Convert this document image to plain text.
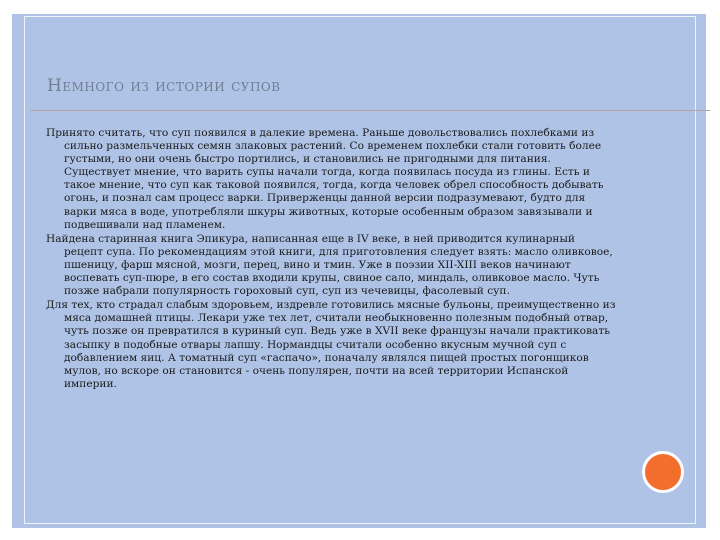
Немного из истории супов

Принято считать, что суп появился в далекие времена. Раньше довольствовались похлебками из сильно размельченных семян злаковых растений. Со временем похлебки стали готовить более густыми, но они очень быстро портились, и становились не пригодными для питания. Существует мнение, что варить супы начали тогда, когда появилась посуда из глины. Есть и такое мнение, что суп как таковой появился, тогда, когда человек обрел способность добывать огонь, и познал сам процесс варки. Приверженцы данной версии подразумевают, будто для варки мяса в воде, употребляли шкуры животных, которые особенным образом завязывали и подвешивали над пламенем.

Найдена старинная книга Эпикура, написанная еще в IV веке, в ней приводится кулинарный рецепт супа. По рекомендациям этой книги, для приготовления следует взять: масло оливковое, пшеницу, фарш мясной, мозги, перец, вино и тмин. Уже в поэзии XII-XIII веков начинают воспевать суп-пюре, в его состав входили крупы, свиное сало, миндаль, оливковое масло. Чуть позже набрали популярность гороховый суп, суп из чечевицы, фасолевый суп.

Для тех, кто страдал слабым здоровьем, издревле готовились мясные бульоны, преимущественно из мяса домашней птицы. Лекари уже тех лет, считали необыкновенно полезным подобный отвар, чуть позже он превратился в куриный суп. Ведь уже в XVII веке французы начали практиковать засыпку в подобные отвары лапшу. Нормандцы считали особенно вкусным мучной суп с добавлением яиц. А томатный суп «гаспачо», поначалу являлся пищей простых погонщиков мулов, но вскоре он становится - очень популярен, почти на всей территории Испанской империи.
